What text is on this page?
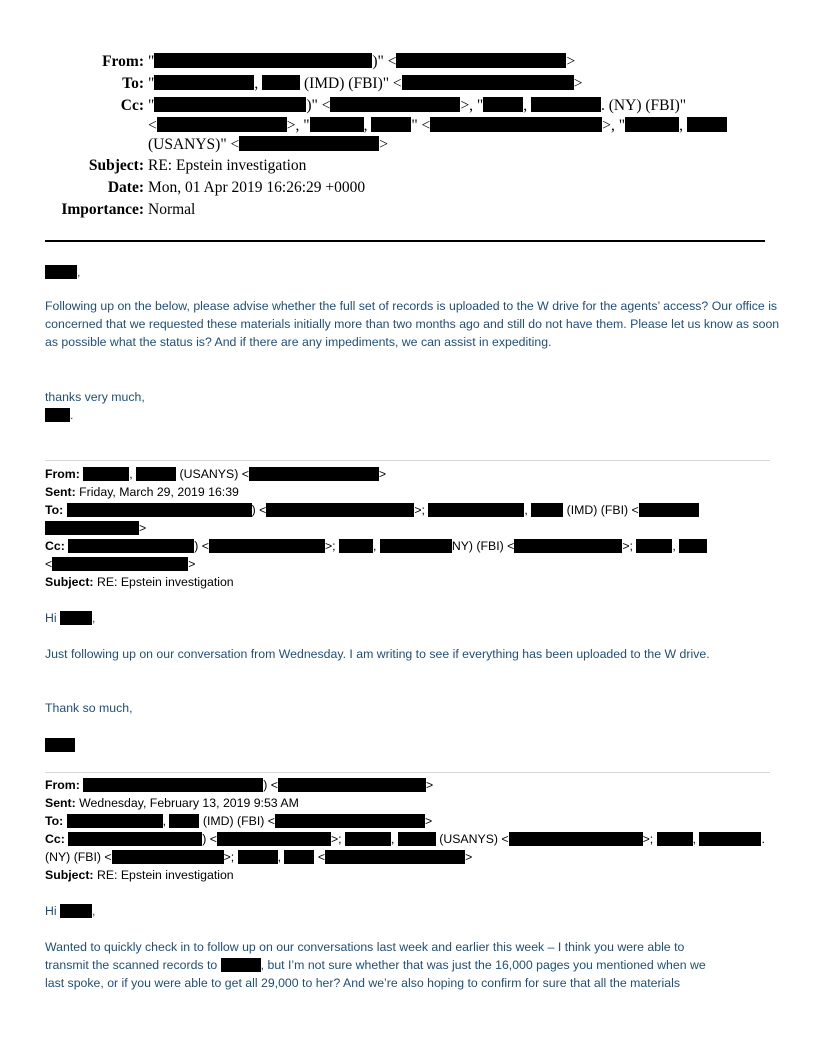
From: "	)" <	>
To: "	,	(IMD) (FBI)" <	>
Cc: "	)" <	>, "	,	. (NY) (FBI)"
<	>, "	,	" <	>, "	,
(USANYS)" <	>
Subject: RE: Epstein investigation
Date: Mon, 01 Apr 2019 16:26:29 +0000
Importance: Normal
,
Following up on the below, please advise whether the full set of records is uploaded to the W drive for the agents’ access? Our office is concerned that we requested these materials initially more than two months ago and still do not have them. Please let us know as soon as possible what the status is? And if there are any impediments, we can assist in expediting.
thanks very much,
.
From:	,	(USANYS) <	>
Sent: Friday, March 29, 2019 16:39
To:	) <	>;	,	(IMD) (FBI) <
>
Cc:	) <	>;	,	NY) (FBI) <	>;	,
<	>
Subject: RE: Epstein investigation
Hi	,
Just following up on our conversation from Wednesday. I am writing to see if everything has been uploaded to the W drive.
Thank so much,
From:	) <	>
Sent: Wednesday, February 13, 2019 9:53 AM
To:	,	(IMD) (FBI) <	>
Cc:	) <	>;	,	(USANYS) <	>;	,	.
(NY) (FBI) <	>;	,	<	>
Subject: RE: Epstein investigation
Hi	,
Wanted to quickly check in to follow up on our conversations last week and earlier this week – I think you were able to
transmit the scanned records to	, but I’m not sure whether that was just the 16,000 pages you mentioned when we
last spoke, or if you were able to get all 29,000 to her? And we’re also hoping to confirm for sure that all the materials
